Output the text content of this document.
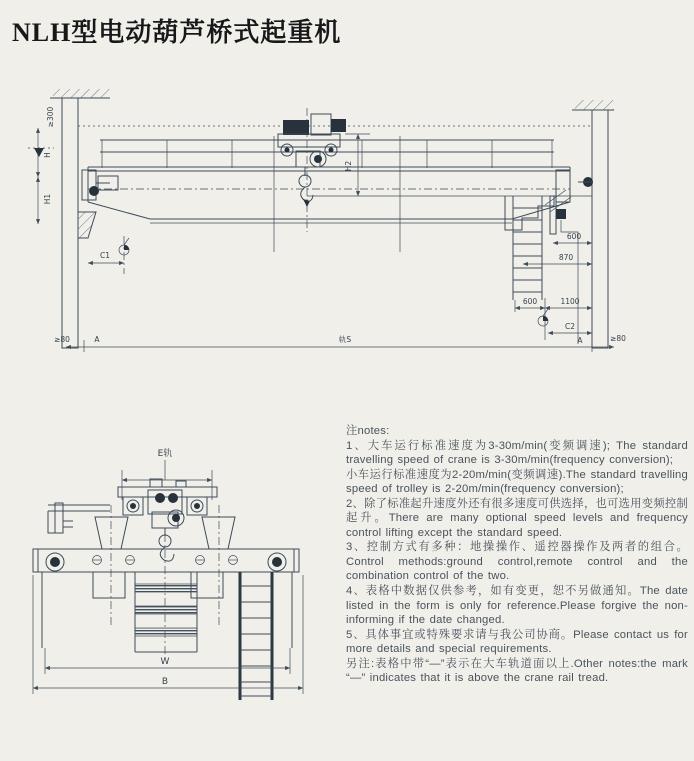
NLH型电动葫芦桥式起重机
H2
≥300
H
H1
C1
600
870
600	1100
C2
A	≥80
≥80	A	轨S
E轨
W
B

注notes:

1、大车运行标准速度为3-30m/min(变频调速); The standard travelling speed of crane is 3-30m/min(frequency conversion);

小车运行标准速度为2-20m/min(变频调速).The standard travelling speed of trolley is 2-20m/min(frequency conversion);

2、除了标准起升速度外还有很多速度可供选择，也可选用变频控制起升。There are many optional speed levels and frequency control lifting except the standard speed.

3、控制方式有多种：地操操作、遥控器操作及两者的组合。Control methods:ground control,remote control and the combination control of the two.

4、表格中数据仅供参考，如有变更，恕不另做通知。The date listed in the form is only for reference.Please forgive the non-informing if the date changed.

5、具体事宜或特殊要求请与我公司协商。Please contact us for more details and special requirements.

另注:表格中带“—”表示在大车轨道面以上.Other notes:the mark “—” indicates that it is above the crane rail tread.
